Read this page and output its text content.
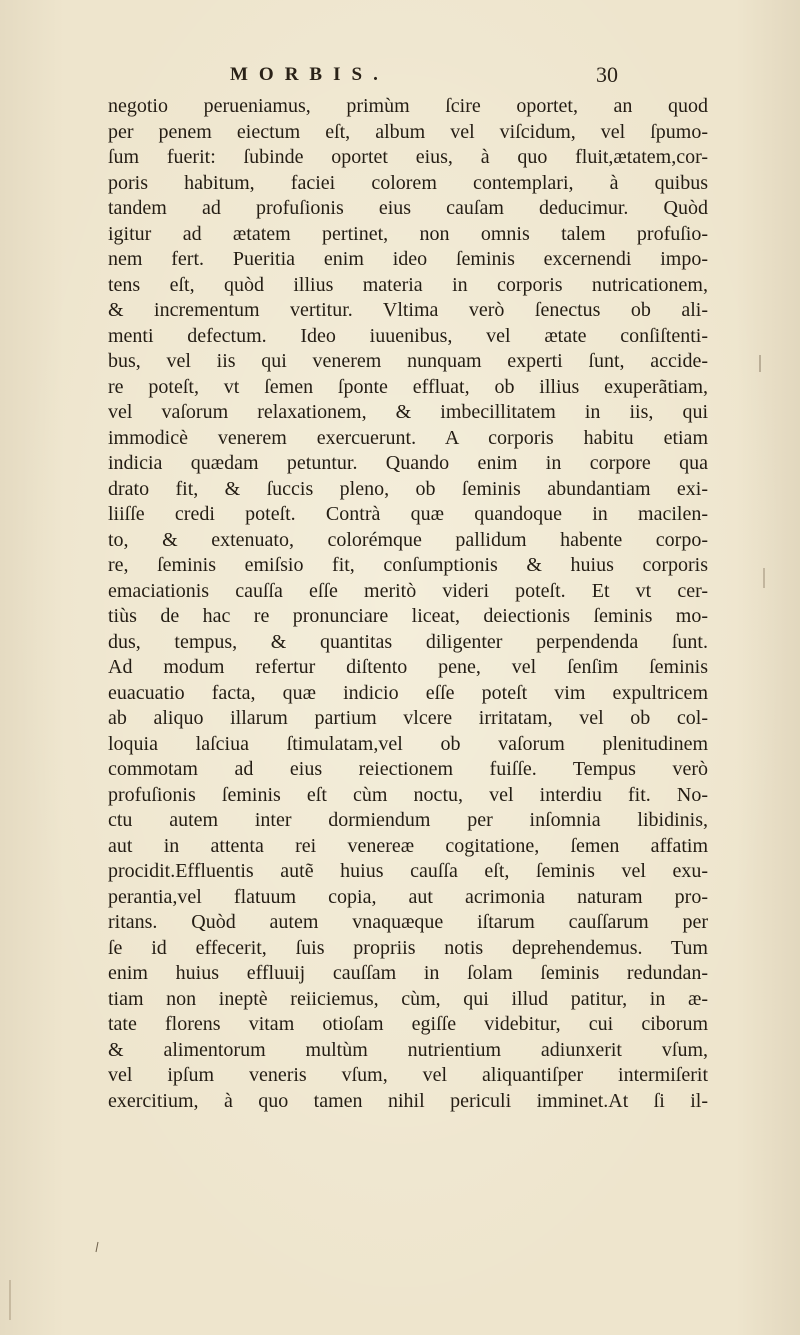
MORBIS.	30
negotio perueniamus, primùm ſcire oportet, an quod
per penem eiectum eſt, album vel viſcidum, vel ſpumo-
ſum fuerit: ſubinde oportet eius, à quo fluit,ætatem,cor-
poris habitum, faciei colorem contemplari, à quibus
tandem ad profuſionis eius cauſam deducimur. Quòd
igitur ad ætatem pertinet, non omnis talem profuſio-
nem fert. Pueritia enim ideo ſeminis excernendi impo-
tens eſt, quòd illius materia in corporis nutricationem,
& incrementum vertitur. Vltima verò ſenectus ob ali-
menti defectum. Ideo iuuenibus, vel ætate conſiſtenti-
bus, vel iis qui venerem nunquam experti ſunt, accide-
re poteſt, vt ſemen ſponte effluat, ob illius exuperãtiam,
vel vaſorum relaxationem, & imbecillitatem in iis, qui
immodicè venerem exercuerunt. A corporis habitu etiam
indicia quædam petuntur. Quando enim in corpore qua
drato fit, & ſuccis pleno, ob ſeminis abundantiam exi-
liiſſe credi poteſt. Contrà quæ quandoque in macilen-
to, & extenuato, colorémque pallidum habente corpo-
re, ſeminis emiſsio fit, conſumptionis & huius corporis
emaciationis cauſſa eſſe meritò videri poteſt. Et vt cer-
tiùs de hac re pronunciare liceat, deiectionis ſeminis mo-
dus, tempus, & quantitas diligenter perpendenda ſunt.
Ad modum refertur diſtento pene, vel ſenſim ſeminis
euacuatio facta, quæ indicio eſſe poteſt vim expultricem
ab aliquo illarum partium vlcere irritatam, vel ob col-
loquia laſciua ſtimulatam,vel ob vaſorum plenitudinem
commotam ad eius reiectionem fuiſſe. Tempus verò
profuſionis ſeminis eſt cùm noctu, vel interdiu fit. No-
ctu autem inter dormiendum per inſomnia libidinis,
aut in attenta rei venereæ cogitatione, ſemen affatim
procidit.Effluentis autẽ huius cauſſa eſt, ſeminis vel exu-
perantia,vel flatuum copia, aut acrimonia naturam pro-
ritans. Quòd autem vnaquæque iſtarum cauſſarum per
ſe id effecerit, ſuis propriis notis deprehendemus. Tum
enim huius effluuij cauſſam in ſolam ſeminis redundan-
tiam non ineptè reiiciemus, cùm, qui illud patitur, in æ-
tate florens vitam otioſam egiſſe videbitur, cui ciborum
& alimentorum multùm nutrientium adiunxerit vſum,
vel ipſum veneris vſum, vel aliquantiſper intermiſerit
exercitium, à quo tamen nihil periculi imminet.At ſi il-
